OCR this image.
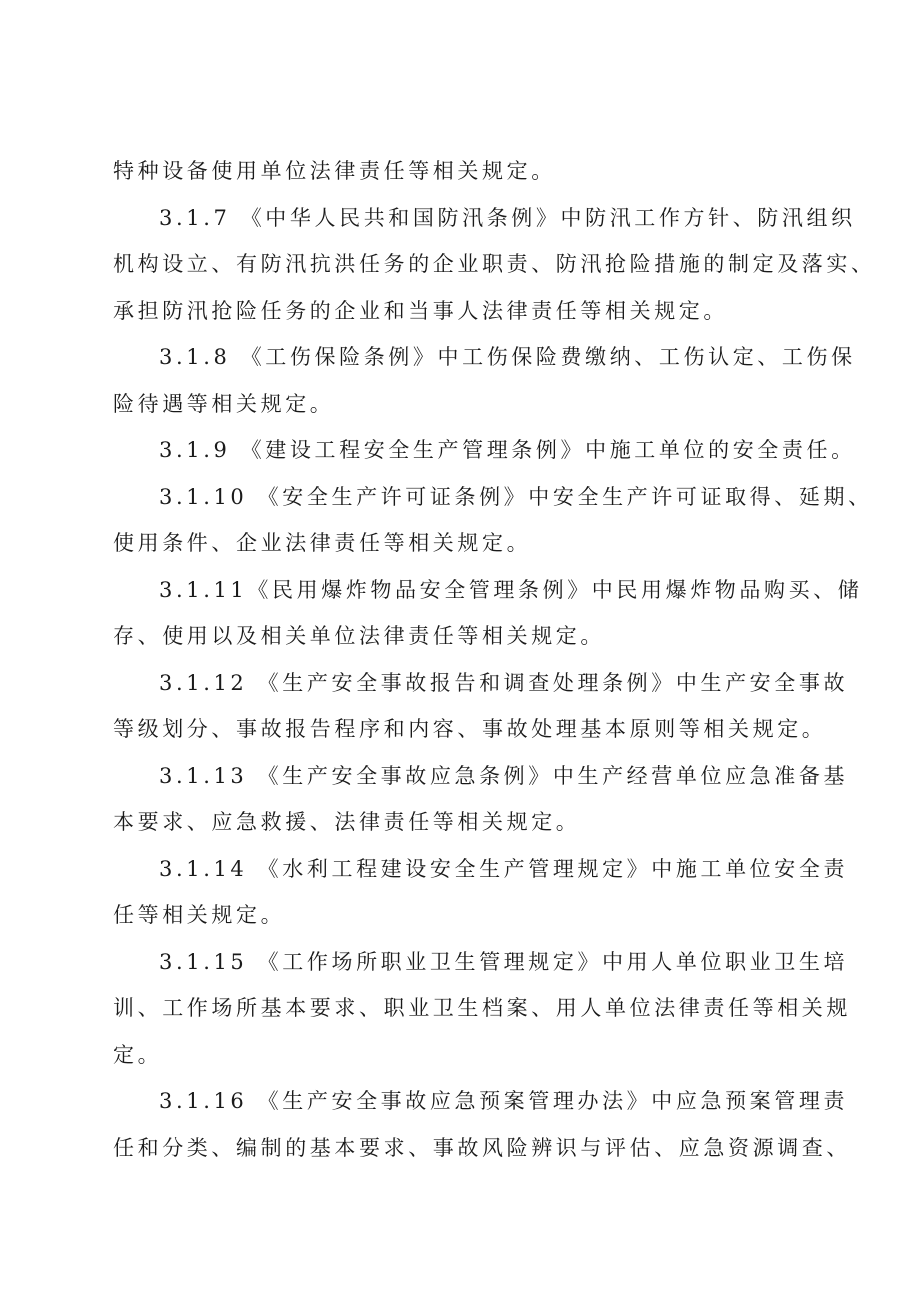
特种设备使用单位法律责任等相关规定。
3.1.7 《中华人民共和国防汛条例》中防汛工作方针、防汛组织
机构设立、有防汛抗洪任务的企业职责、防汛抢险措施的制定及落实、
承担防汛抢险任务的企业和当事人法律责任等相关规定。
3.1.8 《工伤保险条例》中工伤保险费缴纳、工伤认定、工伤保
险待遇等相关规定。
3.1.9 《建设工程安全生产管理条例》中施工单位的安全责任。
3.1.10 《安全生产许可证条例》中安全生产许可证取得、延期、
使用条件、企业法律责任等相关规定。
3.1.11《民用爆炸物品安全管理条例》中民用爆炸物品购买、储
存、使用以及相关单位法律责任等相关规定。
3.1.12 《生产安全事故报告和调查处理条例》中生产安全事故
等级划分、事故报告程序和内容、事故处理基本原则等相关规定。
3.1.13 《生产安全事故应急条例》中生产经营单位应急准备基
本要求、应急救援、法律责任等相关规定。
3.1.14 《水利工程建设安全生产管理规定》中施工单位安全责
任等相关规定。
3.1.15 《工作场所职业卫生管理规定》中用人单位职业卫生培
训、工作场所基本要求、职业卫生档案、用人单位法律责任等相关规
定。
3.1.16 《生产安全事故应急预案管理办法》中应急预案管理责
任和分类、编制的基本要求、事故风险辨识与评估、应急资源调查、
